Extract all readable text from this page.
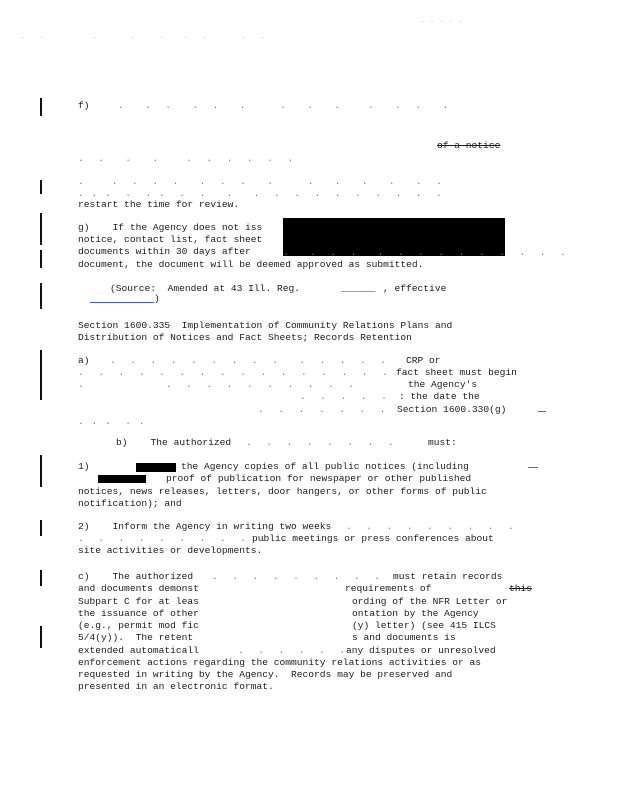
. . . . .
.   .          .       .     .    .   .       .   .
f)	.   .  .   .  .   .     .   .   .    .   .  .   .
of a notice
.  .   .   .    .  .  .  .  .  .
.    .  .  .  .   .  .  .   .     .   .   .   .   .  .
. . .  .  . .  .  .   .   .  .  .  .  .  .  .  .  .  .
restart the time for review.
g)    If the Agency does not iss
notice, contact list, fact sheet
documents within 30 days after
document, the document will be deemed approved as submitted.
.   .  .  .   .  .  .  .  .  .  .  .  .  .
(Source:  Amended at 43 Ill. Reg.	______ , effective
)
Section 1600.335  Implementation of Community Relations Plans and
Distribution of Notices and Fact Sheets; Records Retention
a) .  .  .  .  .  .  .  .  .   .  .  .  .  . CRP or
.  .  .  .  .  .  .  .  .  .  .  .  .  .  .  .  .
fact sheet must begin
.            .  .  .  .  .  .  .  .  .  .	the Agency's
.  .  .  .  . : the date the
.  .  .  .  .  .  . Section 1600.330(g)
. . .  . .
b)    The authorized .  .  .  .  .  .  .  .	must:
1)	the Agency copies of all public notices (including
proof of publication for newspaper or other published
notices, news releases, letters, door hangers, or other forms of public
notification); and
2)    Inform the Agency in writing two weeks .  .  .  .  .  .  .  .  .
.  .  .  .  .  .  .  .  .  .  .
public meetings or press conferences about
site activities or developments.
c)    The authorized .  .  .  .  .  .  .  .  . must retain records
and documents demonst	requirements of	this
Subpart C for at leas	ording of the NFR Letter or
the issuance of other	ontation by the Agency
(e.g., permit mod fic	(y) letter) (see 415 ILCS
5/4(y)).  The retent	s and documents is
extended automaticall	.  .  .  .  .  . any disputes or unresolved
enforcement actions regarding the community relations activities or as
requested in writing by the Agency.  Records may be preserved and
presented in an electronic format.
